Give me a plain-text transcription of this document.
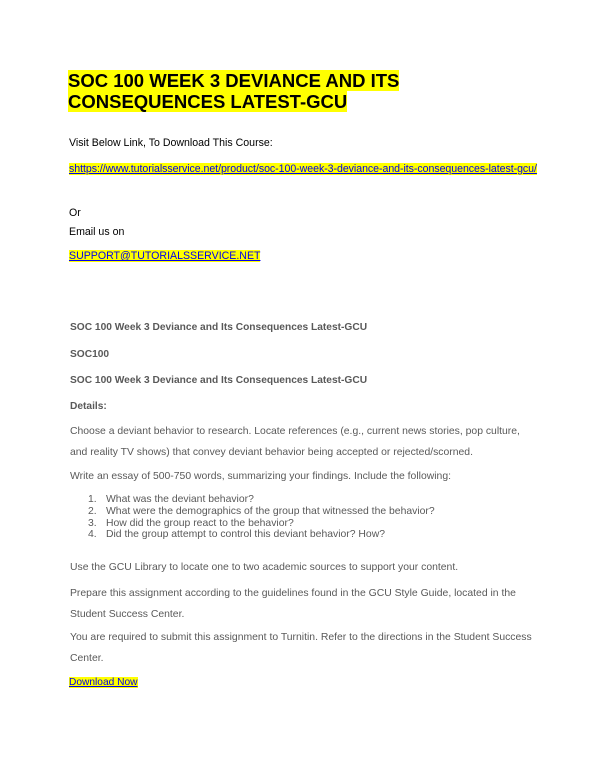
SOC 100 WEEK 3 DEVIANCE AND ITS CONSEQUENCES LATEST-GCU
Visit Below Link, To Download This Course:
shttps://www.tutorialsservice.net/product/soc-100-week-3-deviance-and-its-consequences-latest-gcu/
Or
Email us on
SUPPORT@TUTORIALSSERVICE.NET
SOC 100 Week 3 Deviance and Its Consequences Latest-GCU
SOC100
SOC 100 Week 3 Deviance and Its Consequences Latest-GCU
Details:
Choose a deviant behavior to research. Locate references (e.g., current news stories, pop culture, and reality TV shows) that convey deviant behavior being accepted or rejected/scorned.
Write an essay of 500-750 words, summarizing your findings. Include the following:
1. What was the deviant behavior?
2. What were the demographics of the group that witnessed the behavior?
3. How did the group react to the behavior?
4. Did the group attempt to control this deviant behavior? How?
Use the GCU Library to locate one to two academic sources to support your content.
Prepare this assignment according to the guidelines found in the GCU Style Guide, located in the Student Success Center.
You are required to submit this assignment to Turnitin. Refer to the directions in the Student Success Center.
Download Now
